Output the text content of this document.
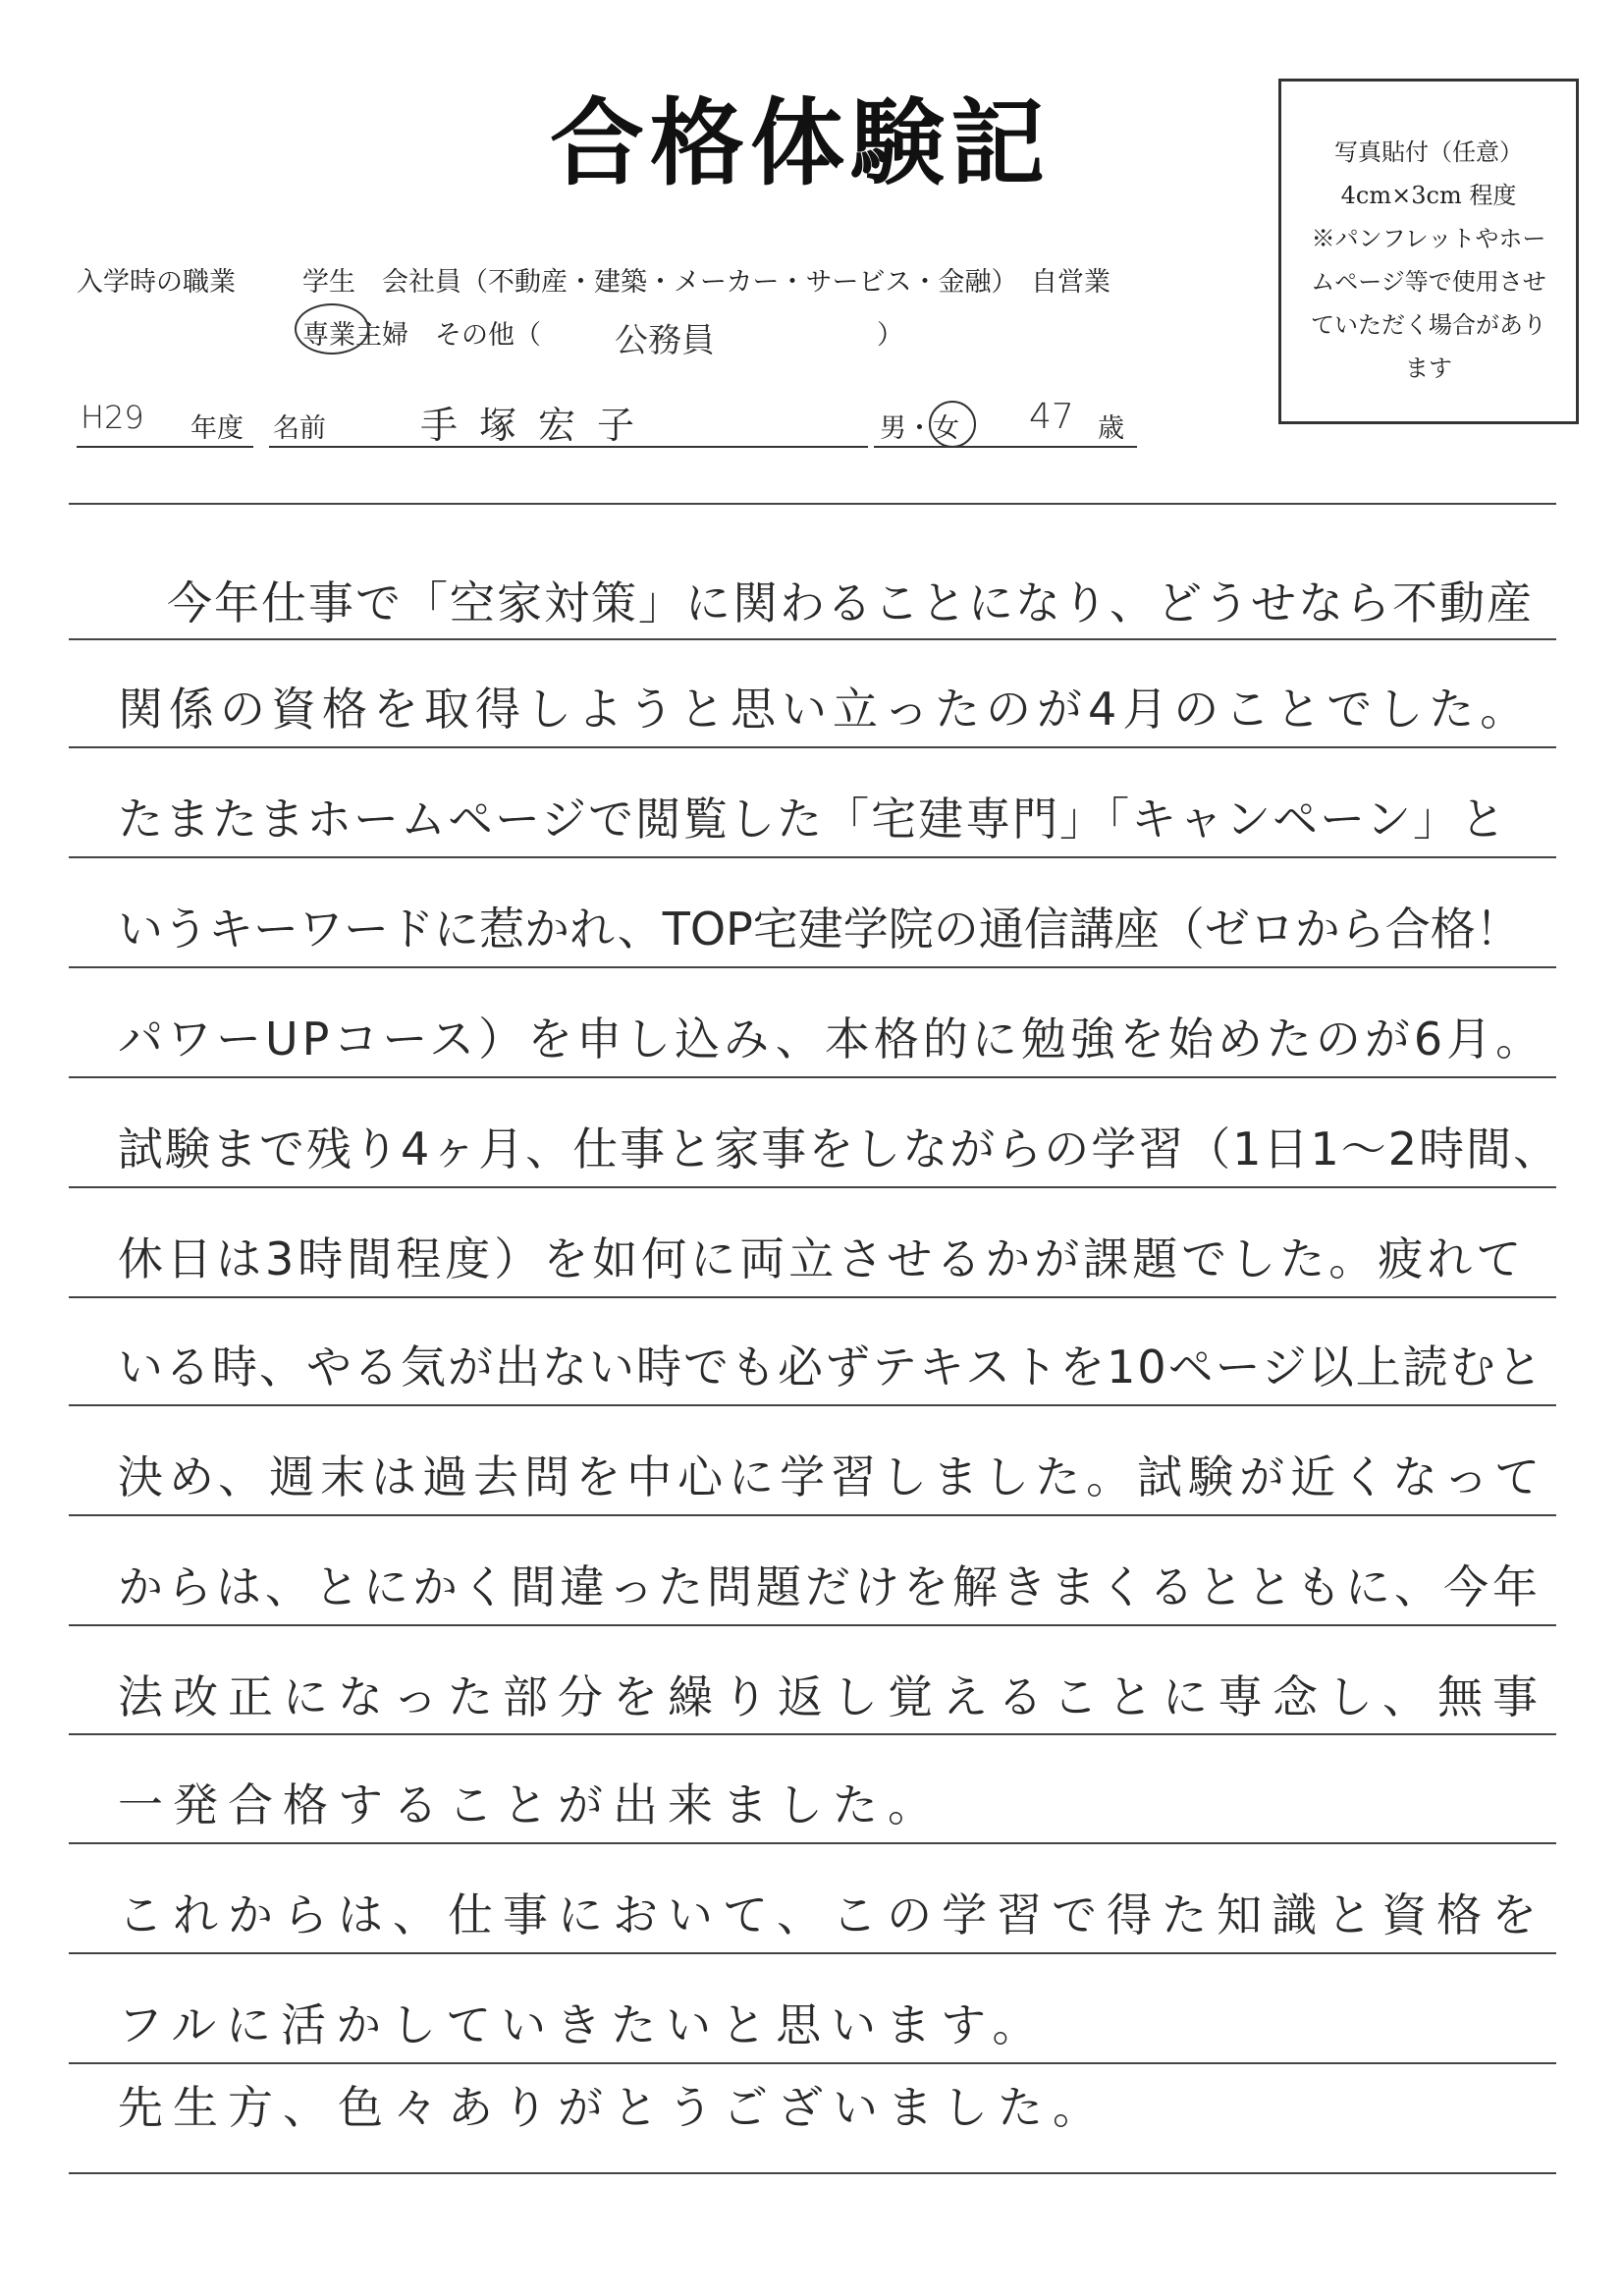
合格体験記	写真貼付（任意）
4cm×3cm 程度
※パンフレットやホー
ムページ等で使用させ
ていただく場合があり
ます
入学時の職業	学生　会社員（不動産・建築・メーカー・サービス・金融）　自営業
専業主婦　その他（ 公務員	）
H29 年度 名前	手塚宏子	男・女 47 歳
今年仕事で「空家対策」に関わることになり、どうせなら不動産
関係の資格を取得しようと思い立ったのが4月のことでした。
たまたまホームページで閲覧した「宅建専門」「キャンペーン」と
いうキーワードに惹かれ、TOP宅建学院の通信講座（ゼロから合格！
パワーUPコース）を申し込み、本格的に勉強を始めたのが6月。
試験まで残り4ヶ月、仕事と家事をしながらの学習（1日1〜2時間、
休日は3時間程度）を如何に両立させるかが課題でした。疲れて
いる時、やる気が出ない時でも必ずテキストを10ページ以上読むと
決め、週末は過去問を中心に学習しました。試験が近くなって
からは、とにかく間違った問題だけを解きまくるとともに、今年
法改正になった部分を繰り返し覚えることに専念し、無事
一発合格することが出来ました。
これからは、仕事において、この学習で得た知識と資格を
フルに活かしていきたいと思います。
先生方、色々ありがとうございました。
